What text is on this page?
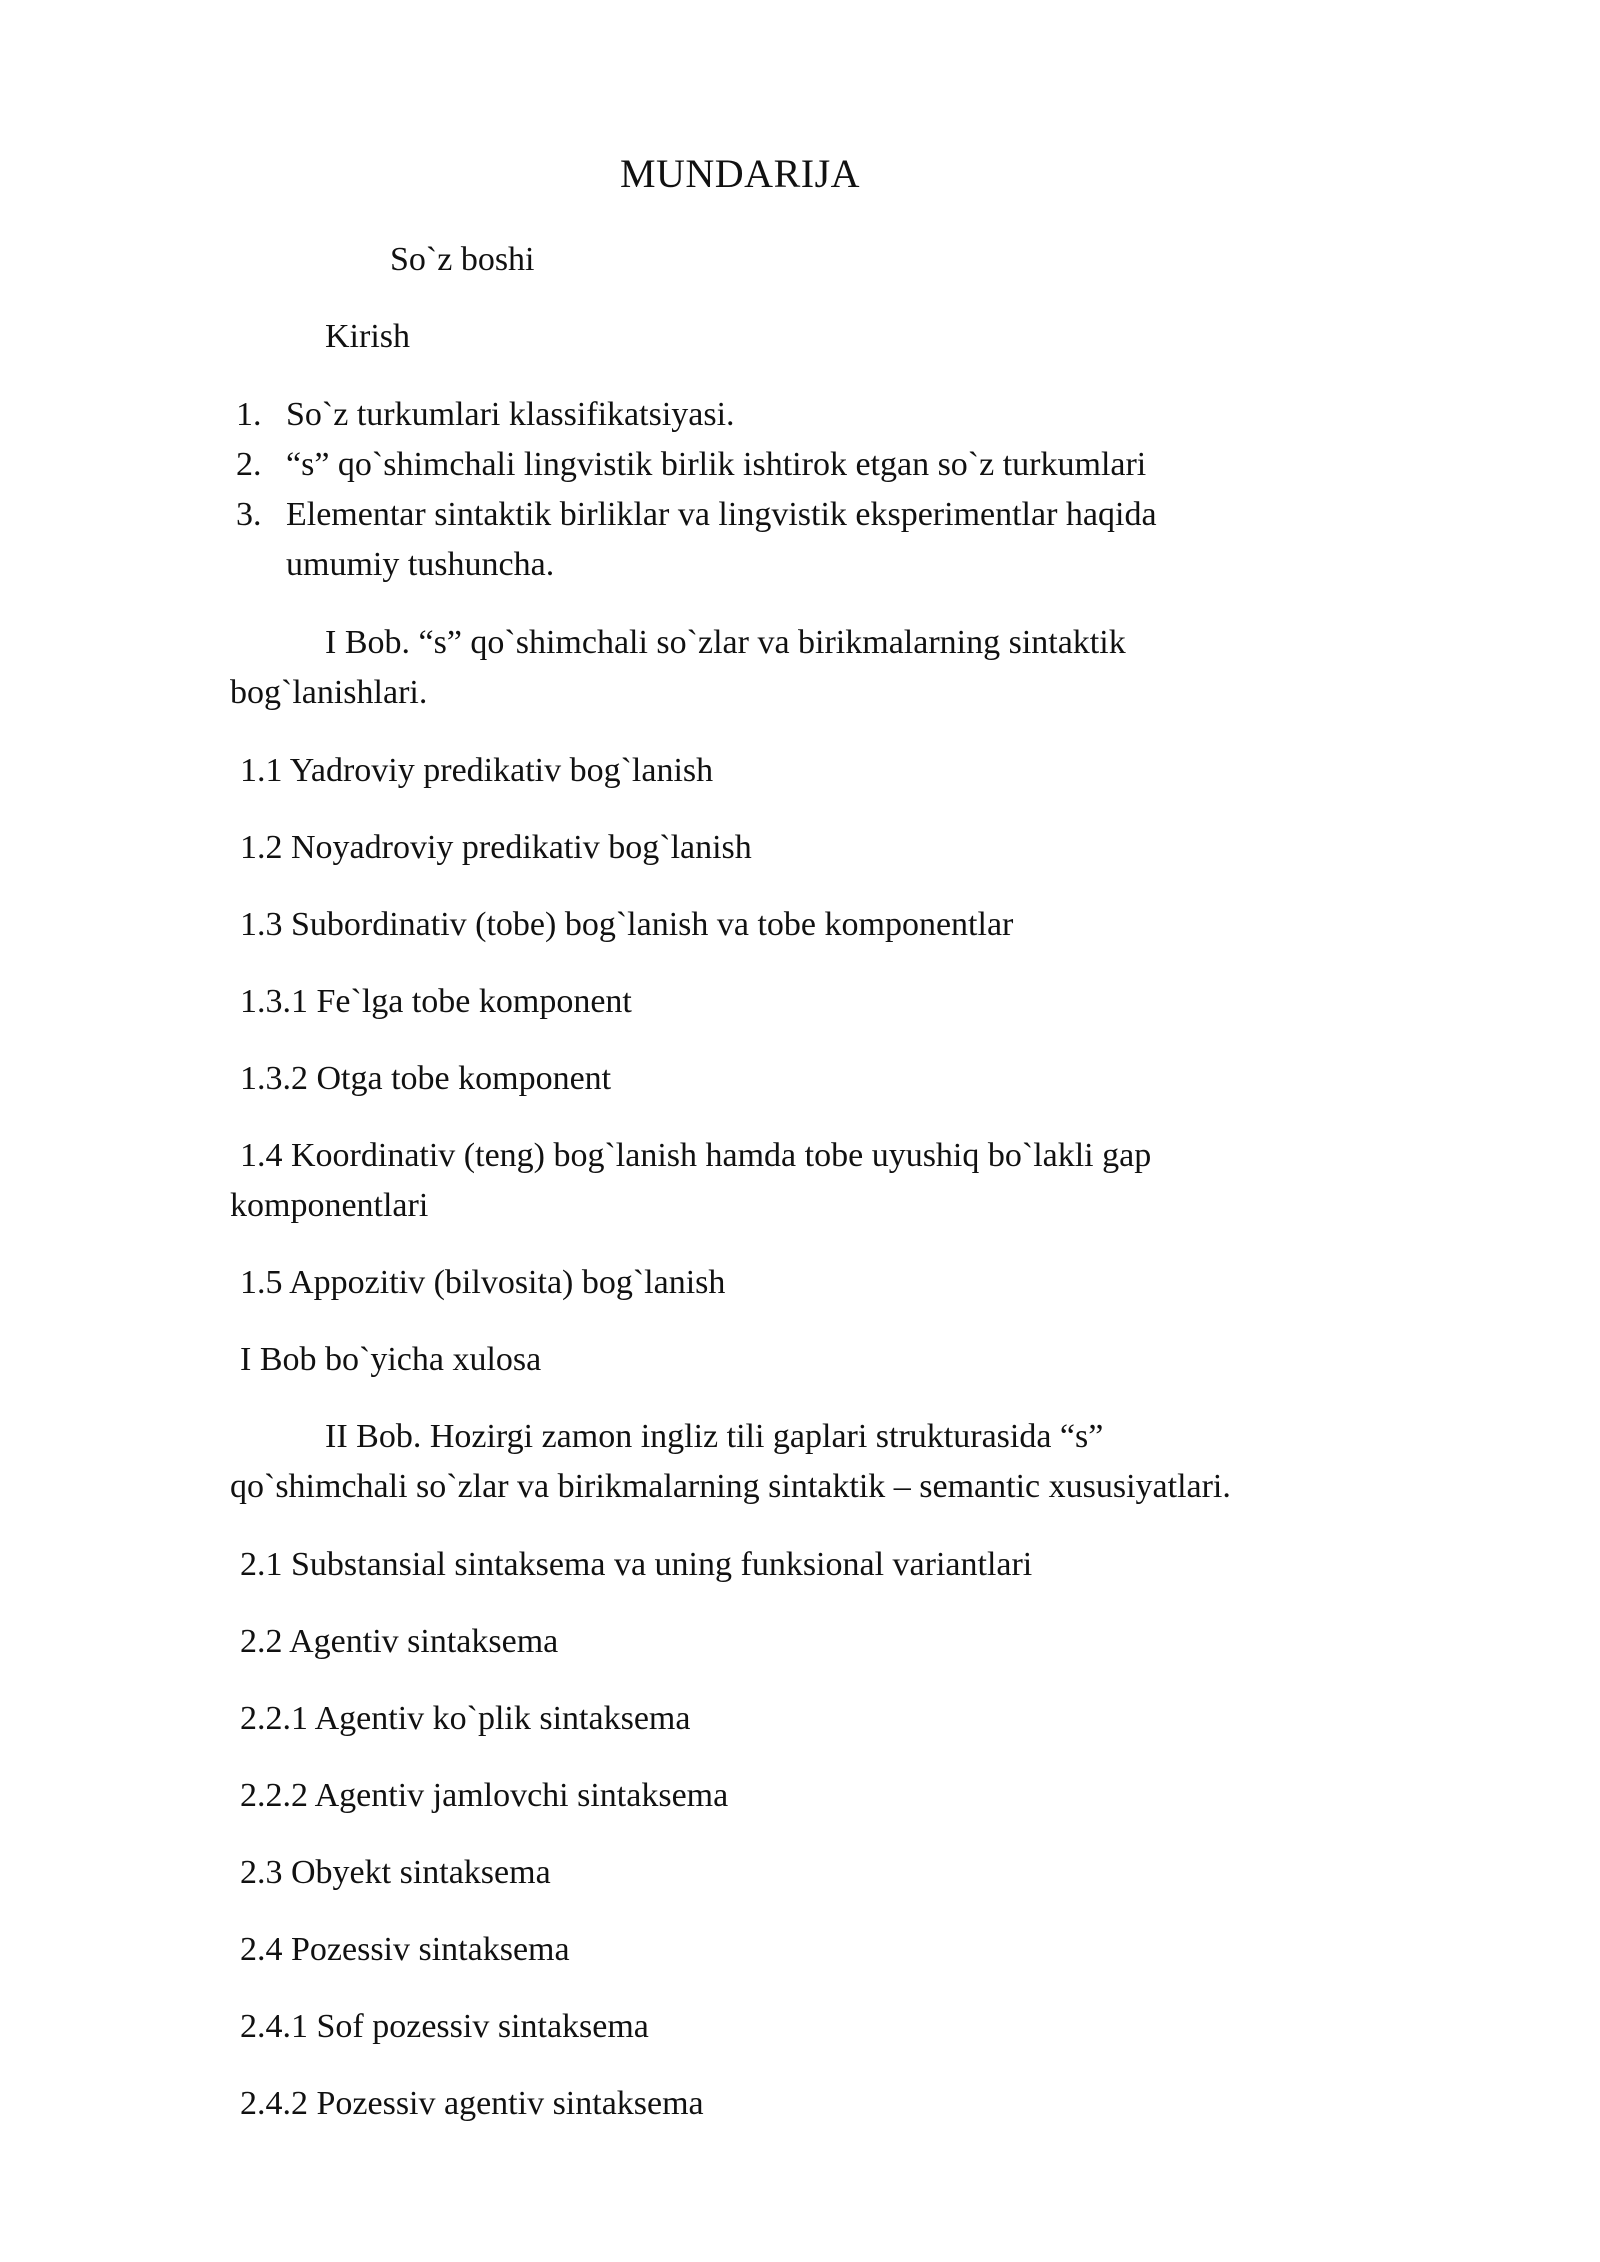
MUNDARIJA
So`z boshi
Kirish
1. So`z turkumlari klassifikatsiyasi.
2. “s” qo`shimchali lingvistik birlik ishtirok etgan so`z turkumlari
3. Elementar sintaktik birliklar va lingvistik eksperimentlar haqida
umumiy tushuncha.
I Bob. “s” qo`shimchali so`zlar va birikmalarning sintaktik
bog`lanishlari.
1.1 Yadroviy predikativ bog`lanish
1.2 Noyadroviy predikativ bog`lanish
1.3 Subordinativ (tobe) bog`lanish va tobe komponentlar
1.3.1 Fe`lga tobe komponent
1.3.2 Otga tobe komponent
1.4 Koordinativ (teng) bog`lanish hamda tobe uyushiq bo`lakli gap
komponentlari
1.5 Appozitiv (bilvosita) bog`lanish
I Bob bo`yicha xulosa
II Bob. Hozirgi zamon ingliz tili gaplari strukturasida “s”
qo`shimchali so`zlar va birikmalarning sintaktik – semantic xususiyatlari.
2.1 Substansial sintaksema va uning funksional variantlari
2.2 Agentiv sintaksema
2.2.1 Agentiv ko`plik sintaksema
2.2.2 Agentiv jamlovchi sintaksema
2.3 Obyekt sintaksema
2.4 Pozessiv sintaksema
2.4.1 Sof pozessiv sintaksema
2.4.2 Pozessiv agentiv sintaksema
